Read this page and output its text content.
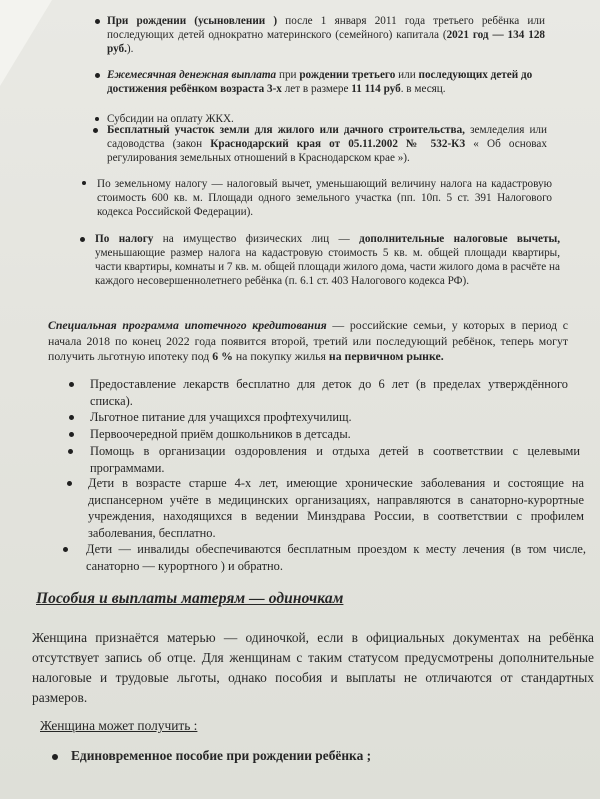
При рождении (усыновлении ) после 1 января 2011 года третьего ребёнка или последующих детей однократно материнского (семейного) капитала (2021 год — 134 128 руб.).

Ежемесячная денежная выплата при рождении третьего или последующих детей до достижения ребёнком возраста 3-х лет в размере 11 114 руб. в месяц.

Субсидии на оплату ЖКХ.

Бесплатный участок земли для жилого или дачного строительства, земледелия или садоводства (закон Краснодарский края от 05.11.2002 № 532-КЗ « Об основах регулирования земельных отношений в Краснодарском крае »).

По земельному налогу — налоговый вычет, уменьшающий величину налога на кадастровую стоимость 600 кв. м. Площади одного земельного участка (пп. 10п. 5 ст. 391 Налогового кодекса Российской Федерации).

По налогу на имущество физических лиц — дополнительные налоговые вычеты, уменьшающие размер налога на кадастровую стоимость 5 кв. м. общей площади квартиры, части квартиры, комнаты и 7 кв. м. общей площади жилого дома, части жилого дома в расчёте на каждого несовершеннолетнего ребёнка (п. 6.1 ст. 403 Налогового кодекса РФ).

Специальная программа ипотечного кредитования — российские семьи, у которых в период с начала 2018 по конец 2022 года появится второй, третий или последующий ребёнок, теперь могут получить льготную ипотеку под 6 % на покупку жилья на первичном рынке.

Предоставление лекарств бесплатно для деток до 6 лет (в пределах утверждённого списка).

Льготное питание для учащихся профтехучилищ.

Первоочередной приём дошкольников в детсады.

Помощь в организации оздоровления и отдыха детей в соответствии с целевыми программами.

Дети в возрасте старше 4-х лет, имеющие хронические заболевания и состоящие на диспансерном учёте в медицинских организациях, направляются в санаторно-курортные учреждения, находящихся в ведении Минздрава России, в соответствии с профилем заболевания, бесплатно.

Дети — инвалиды обеспечиваются бесплатным проездом к месту лечения (в том числе, санаторно — курортного ) и обратно.

Пособия и выплаты матерям — одиночкам

Женщина признаётся матерью — одиночкой, если в официальных документах на ребёнка отсутствует запись об отце. Для женщинам с таким статусом предусмотрены дополнительные налоговые и трудовые льготы, однако пособия и выплаты не отличаются от стандартных размеров.

Женщина может получить :

Единовременное пособие при рождении ребёнка ;
